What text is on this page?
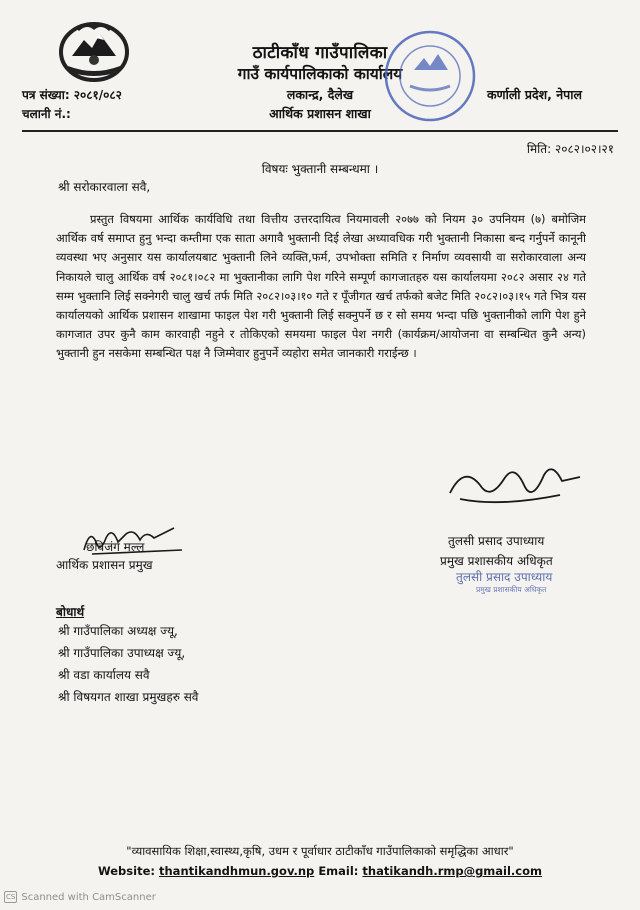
ठाटीकाँध गाउँपालिका
गाउँ कार्यपालिकाको कार्यालय
लकान्द्र, दैलेख
आर्थिक प्रशासन शाखा
पत्र संख्या: २०८१/०८२
चलानी नं.:
कर्णाली प्रदेश, नेपाल
मिति: २०८२।०२।२१
विषयः भुक्तानी सम्बन्धमा ।
श्री सरोकारवाला सवै,
प्रस्तुत विषयमा आर्थिक कार्यविधि तथा वित्तीय उत्तरदायित्व नियमावली २०७७ को नियम ३० उपनियम (७) बमोजिम आर्थिक वर्ष समाप्त हुनु भन्दा कम्तीमा एक साता अगावै भुक्तानी दिई लेखा अध्यावधिक गरी भुक्तानी निकासा बन्द गर्नुपर्ने कानूनी व्यवस्था भए अनुसार यस कार्यालयबाट भुक्तानी लिने व्यक्ति,फर्म, उपभोक्ता समिति र निर्माण व्यवसायी वा सरोकारवाला अन्य निकायले चालु आर्थिक वर्ष २०८१।०८२ मा भुक्तानीका लागि पेश गरिने सम्पूर्ण कागजातहरु यस कार्यालयमा २०८२ असार २४ गते सम्म भुक्तानि लिई सक्नेगरी चालु खर्च तर्फ मिति २०८२।०३।१० गते र पूँजीगत खर्च तर्फको बजेट मिति २०८२।०३।१५ गते भित्र यस कार्यालयको आर्थिक प्रशासन शाखामा फाइल पेश गरी भुक्तानी लिई सक्नुपर्ने छ र सो समय भन्दा पछि भुक्तानीको लागि पेश हुने कागजात उपर कुनै काम कारवाही नहुने र तोकिएको समयमा फाइल पेश नगरी (कार्यक्रम/आयोजना वा सम्बन्धित कुनै अन्य) भुक्तानी हुन नसकेमा सम्बन्धित पक्ष नै जिम्मेवार हुनुपर्ने व्यहोरा समेत जानकारी गराईन्छ ।
छविजंग मल्ल
आर्थिक प्रशासन प्रमुख
तुलसी प्रसाद उपाध्याय
प्रमुख प्रशासकीय अधिकृत
तुलसी प्रसाद उपाध्याय
प्रमुख प्रशासकीय अधिकृत
बोधार्थ
श्री गाउँपालिका अध्यक्ष ज्यू,
श्री गाउँपालिका उपाध्यक्ष ज्यू,
श्री वडा कार्यालय सवै
श्री विषयगत शाखा प्रमुखहरु सवै
"व्यावसायिक शिक्षा,स्वास्थ्य,कृषि, उधम र पूर्वाधार ठाटीकाँध गाउँपालिकाको समृद्धिका आधार"
Website: thantikandhmun.gov.np Email: thatikandh.rmp@gmail.com
CS Scanned with CamScanner
